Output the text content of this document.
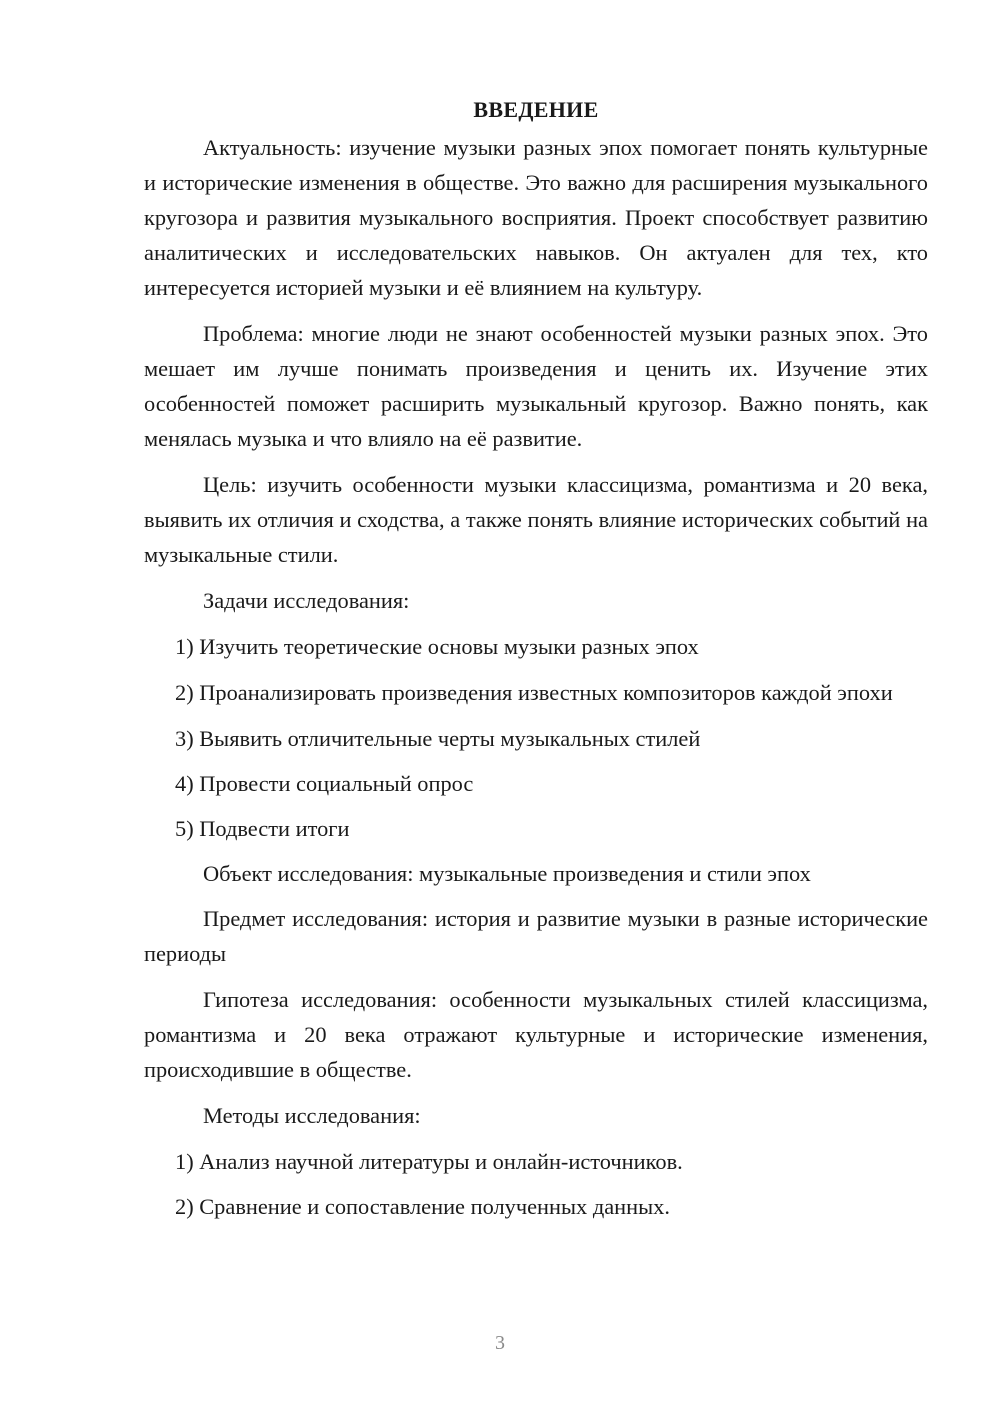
ВВЕДЕНИЕ

Актуальность: изучение музыки разных эпох помогает понять культурные и исторические изменения в обществе. Это важно для расширения музыкального кругозора и развития музыкального восприятия. Проект способствует развитию аналитических и исследовательских навыков. Он актуален для тех, кто интересуется историей музыки и её влиянием на культуру.

Проблема: многие люди не знают особенностей музыки разных эпох. Это мешает им лучше понимать произведения и ценить их. Изучение этих особенностей поможет расширить музыкальный кругозор. Важно понять, как менялась музыка и что влияло на её развитие.

Цель: изучить особенности музыки классицизма, романтизма и 20 века, выявить их отличия и сходства, а также понять влияние исторических событий на музыкальные стили.

Задачи исследования:

1) Изучить теоретические основы музыки разных эпох

2) Проанализировать произведения известных композиторов каждой эпохи

3) Выявить отличительные черты музыкальных стилей

4) Провести социальный опрос

5) Подвести итоги

Объект исследования: музыкальные произведения и стили эпох

Предмет исследования: история и развитие музыки в разные исторические периоды

Гипотеза исследования: особенности музыкальных стилей классицизма, романтизма и 20 века отражают культурные и исторические изменения, происходившие в обществе.

Методы исследования:

1) Анализ научной литературы и онлайн-источников.

2) Сравнение и сопоставление полученных данных.

3
